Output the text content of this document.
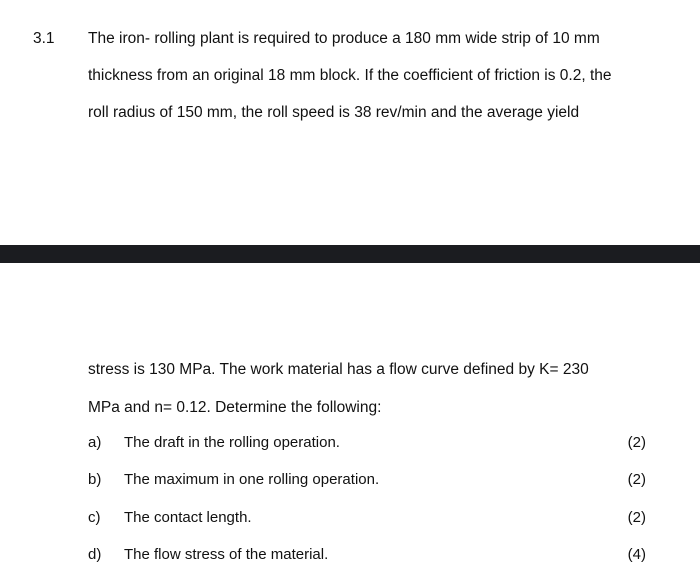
3.1 The iron- rolling plant is required to produce a 180 mm wide strip of 10 mm
thickness from an original 18 mm block. If the coefficient of friction is 0.2, the
roll radius of 150 mm, the roll speed is 38 rev/min and the average yield
stress is 130 MPa. The work material has a flow curve defined by K= 230
MPa and n= 0.12. Determine the following:
a) The draft in the rolling operation.	(2)
b) The maximum in one rolling operation.	(2)
c) The contact length.	(2)
d) The flow stress of the material.	(4)
